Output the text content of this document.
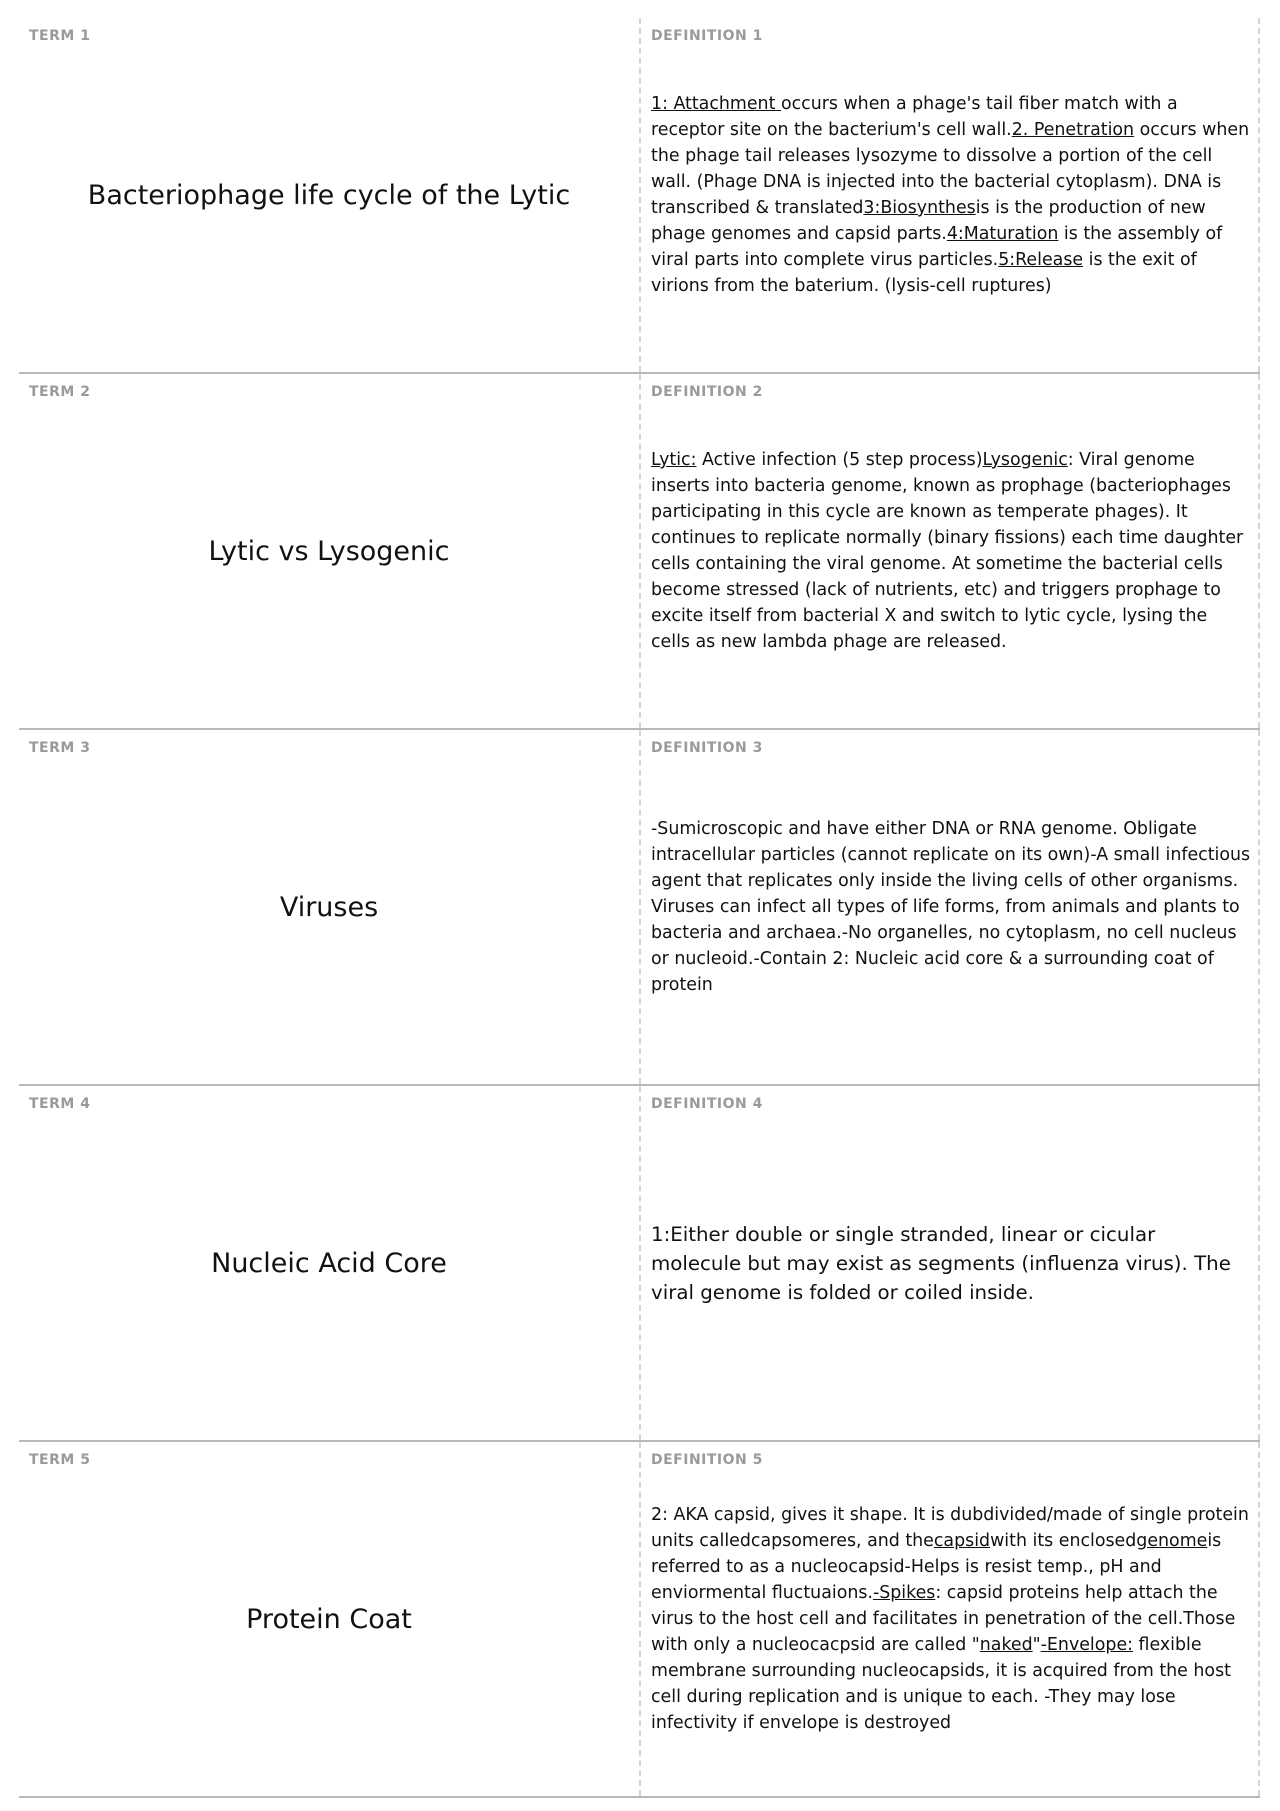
TERM 1	DEFINITION 1
Bacteriophage life cycle of the Lytic
1: Attachment occurs when a phage's tail fiber match with a receptor site on the bacterium's cell wall.2. Penetration occurs when the phage tail releases lysozyme to dissolve a portion of the cell wall. (Phage DNA is injected into the bacterial cytoplasm). DNA is transcribed & translated3:Biosynthesis is the production of new phage genomes and capsid parts.4:Maturation is the assembly of viral parts into complete virus particles.5:Release is the exit of virions from the baterium. (lysis-cell ruptures)
TERM 2	DEFINITION 2
Lytic vs Lysogenic
Lytic: Active infection (5 step process)Lysogenic: Viral genome inserts into bacteria genome, known as prophage (bacteriophages participating in this cycle are known as temperate phages). It continues to replicate normally (binary fissions) each time daughter cells containing the viral genome. At sometime the bacterial cells become stressed (lack of nutrients, etc) and triggers prophage to excite itself from bacterial X and switch to lytic cycle, lysing the cells as new lambda phage are released.
TERM 3	DEFINITION 3
Viruses
-Sumicroscopic and have either DNA or RNA genome. Obligate intracellular particles (cannot replicate on its own)-A small infectious agent that replicates only inside the living cells of other organisms. Viruses can infect all types of life forms, from animals and plants to bacteria and archaea.-No organelles, no cytoplasm, no cell nucleus or nucleoid.-Contain 2: Nucleic acid core & a surrounding coat of protein
TERM 4	DEFINITION 4
Nucleic Acid Core
1:Either double or single stranded, linear or cicular molecule but may exist as segments (influenza virus). The viral genome is folded or coiled inside.
TERM 5	DEFINITION 5
Protein Coat
2: AKA capsid, gives it shape. It is dubdivided/made of single protein units calledcapsomeres, and thecapsidwith its enclosedgenomeis referred to as a nucleocapsid-Helps is resist temp., pH and enviormental fluctuaions.-Spikes: capsid proteins help attach the virus to the host cell and facilitates in penetration of the cell.Those with only a nucleocacpsid are called "naked"-Envelope: flexible membrane surrounding nucleocapsids, it is acquired from the host cell during replication and is unique to each. -They may lose infectivity if envelope is destroyed
